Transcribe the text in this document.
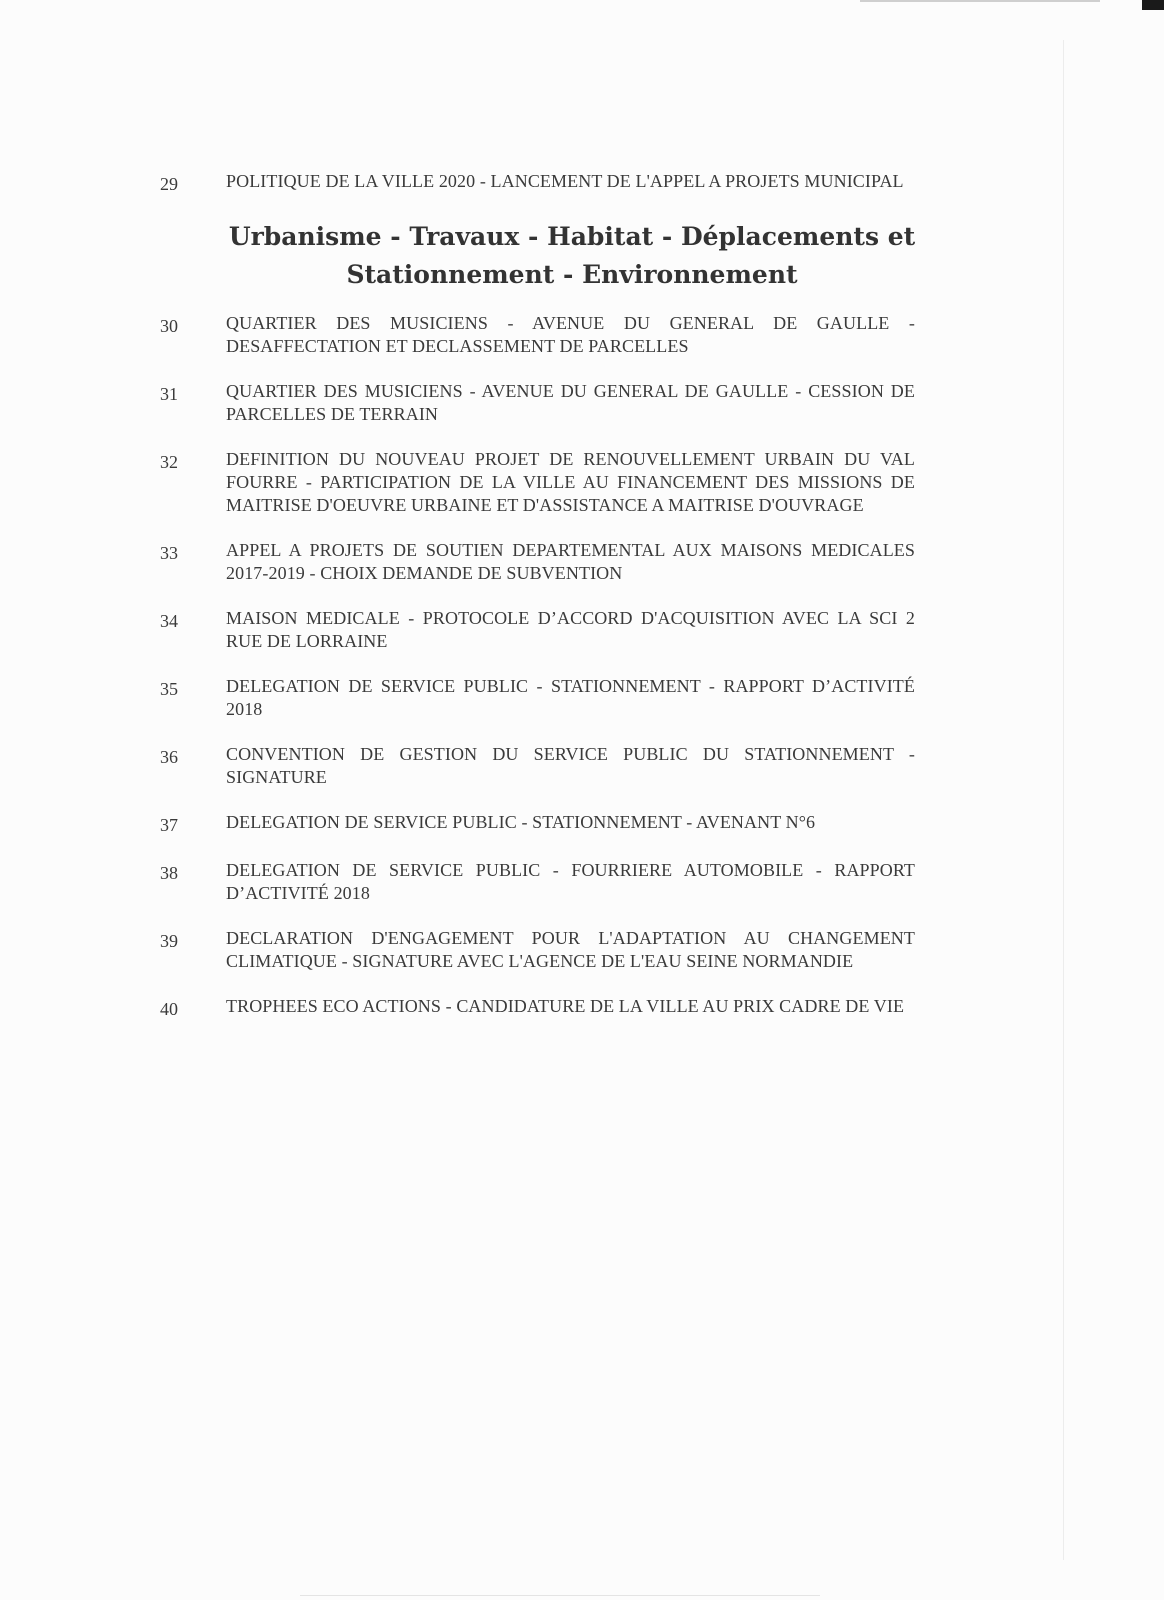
29	POLITIQUE DE LA VILLE 2020 - LANCEMENT DE L'APPEL A PROJETS MUNICIPAL
Urbanisme - Travaux - Habitat - Déplacements et
Stationnement - Environnement
30	QUARTIER DES MUSICIENS - AVENUE DU GENERAL DE GAULLE - DESAFFECTATION ET DECLASSEMENT DE PARCELLES
31	QUARTIER DES MUSICIENS - AVENUE DU GENERAL DE GAULLE - CESSION DE PARCELLES DE TERRAIN
32	DEFINITION DU NOUVEAU PROJET DE RENOUVELLEMENT URBAIN DU VAL FOURRE - PARTICIPATION DE LA VILLE AU FINANCEMENT DES MISSIONS DE MAITRISE D'OEUVRE URBAINE ET D'ASSISTANCE A MAITRISE D'OUVRAGE
33	APPEL A PROJETS DE SOUTIEN DEPARTEMENTAL AUX MAISONS MEDICALES 2017-2019 - CHOIX DEMANDE DE SUBVENTION
34	MAISON MEDICALE - PROTOCOLE D’ACCORD D'ACQUISITION AVEC LA SCI 2 RUE DE LORRAINE
35	DELEGATION DE SERVICE PUBLIC - STATIONNEMENT - RAPPORT D’ACTIVITÉ 2018
36	CONVENTION DE GESTION DU SERVICE PUBLIC DU STATIONNEMENT - SIGNATURE
37	DELEGATION DE SERVICE PUBLIC - STATIONNEMENT - AVENANT N°6
38	DELEGATION DE SERVICE PUBLIC - FOURRIERE AUTOMOBILE - RAPPORT D’ACTIVITÉ 2018
39	DECLARATION D'ENGAGEMENT POUR L'ADAPTATION AU CHANGEMENT CLIMATIQUE - SIGNATURE AVEC L'AGENCE DE L'EAU SEINE NORMANDIE
40	TROPHEES ECO ACTIONS - CANDIDATURE DE LA VILLE AU PRIX CADRE DE VIE
